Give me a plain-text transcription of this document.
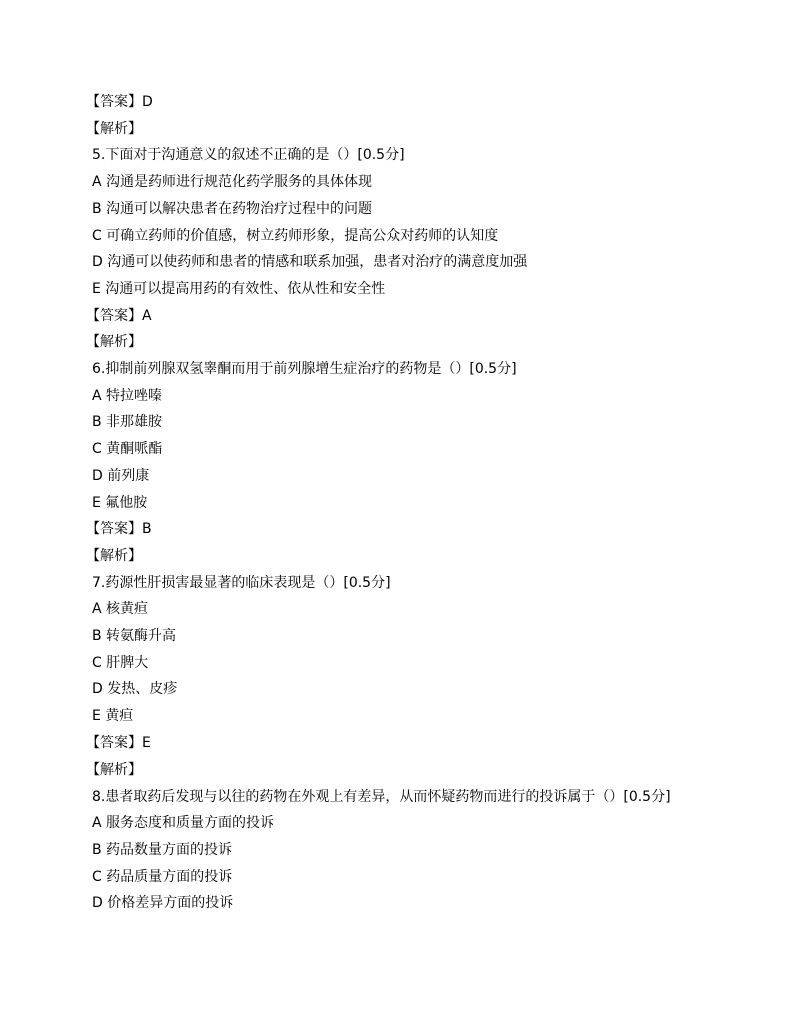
【答案】D
【解析】
5.下面对于沟通意义的叙述不正确的是（）[0.5分]
A 沟通是药师进行规范化药学服务的具体体现
B 沟通可以解决患者在药物治疗过程中的问题
C 可确立药师的价值感，树立药师形象，提高公众对药师的认知度
D 沟通可以使药师和患者的情感和联系加强，患者对治疗的满意度加强
E 沟通可以提高用药的有效性、依从性和安全性
【答案】A
【解析】
6.抑制前列腺双氢睾酮而用于前列腺增生症治疗的药物是（）[0.5分]
A 特拉唑嗪
B 非那雄胺
C 黄酮哌酯
D 前列康
E 氟他胺
【答案】B
【解析】
7.药源性肝损害最显著的临床表现是（）[0.5分]
A 核黄疸
B 转氨酶升高
C 肝脾大
D 发热、皮疹
E 黄疸
【答案】E
【解析】
8.患者取药后发现与以往的药物在外观上有差异，从而怀疑药物而进行的投诉属于（）[0.5分]
A 服务态度和质量方面的投诉
B 药品数量方面的投诉
C 药品质量方面的投诉
D 价格差异方面的投诉
